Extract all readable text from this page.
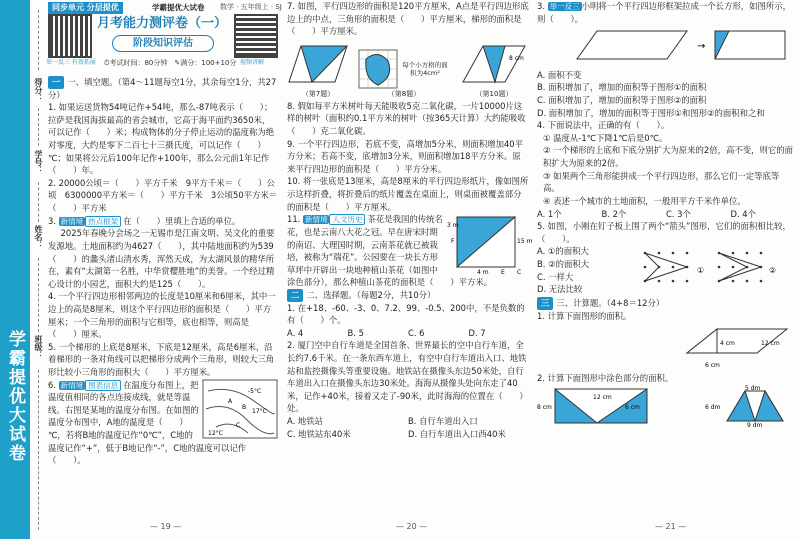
学霸提优大试卷
得分：
学号：
姓名：
班级：
同步单元 分层提优	学霸提优大试卷 数学 · 五年级上 · SJ
举一反三 有效拓展	视频讲解
月考能力测评卷（一）
阶段知识评估
⏱考试时间：80分钟　 ✎满分：100+10分

一 一、填空题。（第4～11题每空1分，其余每空1分，共27分）

1. 如果运送货物54吨记作+54吨，那么-87吨表示（　　）；拉萨是我国海拔最高的省会城市，它高于海平面约3650米，可以记作（　　）米；构成物体的分子停止运动的温度称为绝对零度，大约是零下二百七十三摄氏度，可以记作（　　）℃；如果将公元后100年记作+100年，那么公元前1年记作（　　）年。

2. 20000公顷＝（　　）平方千米　9平方千米＝（　　）公顷　6300000平方米＝（　　）平方千米　3公顷50平方米＝（　　）平方米

3. 新情境 热点框架 在（　　）里填上合适的单位。

2025年春晚分会场之一无锡市是江南文明、吴文化的重要发源地。土地面积约为4627（　　），其中陆地面积约为539（　　）的蠡头渚山清水秀，浑然天成，为太湖风景的精华所在，素有“太湖第一名胜，中华赏樱胜地”的美誉。一个经过精心设计的小园艺，面积大约是125（　　）。

4. 一个平行四边形相邻两边的长度是10厘米和6厘米，其中一边上的高是8厘米，则这个平行四边形的面积是（　　）平方厘米；一个三角形的面积与它相等，底也相等，则高是（　　）厘米。

5. 一个梯形的上底是8厘米，下底是12厘米，高是6厘米，沿着梯形的一条对角线可以把梯形分成两个三角形，则较大三角形比较小三角形的面积大（　　）平方厘米。

-5°C
17°C
12°C
A
B
C

6. 新情境 图表信息 在温度分布图上，把温度值相同的各点连接成线，就是等温线。右图是某地的温度分布图。在如图的温度分布图中，A地的温度是（　　）℃，若将B地的温度记作“0℃”，C地的温度记作“+”，低于B地记作“-”，C地的温度可以记作（　　）。

— 19 —

7. 如图，平行四边形的面积是120平方厘米，A点是平行四边形底边上的中点，三角形的面积是（　　）平方厘米，梯形的面积是（　　）平方厘米。

（第7题）
每个小方格的面积为4cm²
（第8题）
8 cm
（第10题）

8. 假如每平方米树叶每天能吸收5克二氧化碳，一片10000片这样的树叶（面积约0.1平方米的树叶（按365天计算）大约能吸收（　　）克二氧化碳。

9. 一个平行四边形，若底不变，高增加5分米，则面积增加40平方分米；若高不变，底增加3分米，则面积增加18平方分米。原来平行四边形的面积是（　　）平方分米。

10. 将一张底是13厘米，高是8厘米的平行四边形纸片，像如图所示这样折叠，将折叠后的纸片覆盖在桌面上，则桌面被覆盖部分的面积是（　　）平方厘米。

3 m
F	15 m
4 m E C

11. 新情境 人文历史 茶花是我国的传统名花，也是云南八大花之冠。早在唐宋时期的南诏、大理国时期，云南茶花就已被栽培，被称为“瑞花”。公园要在一块长方形草坪中开辟出一块地种植山茶花（如图中涂色部分），那么种植山茶花的面积是（　　）平方米。

二 二、选择题。（每题2分，共10分）

1. 在+18、-60、-3、0、7.2、99、-0.5、200中，不是负数的有（　　）个。

A. 4	B. 5	C. 6	D. 7

2. 厦门空中自行车道是全国首条、世界最长的空中自行车道，全长约7.6千米。在一条东西车道上，有空中自行车道出入口、地铁站和监控摄像头等重要设施。地铁站在摄像头东边50米处，自行车道出入口在摄像头东边30米处。海海从摄像头处向东走了40米，记作+40米，接着又走了-90米，此时海海的位置在（　　）处。

A. 地铁站	B. 自行车道出入口
C. 地铁站东40米	D. 自行车道出入口西40米
— 20 —

3. 举一反三 小明将一个平行四边形框架拉成一个长方形，如图所示，则（　　）。

→

A. 面积不变

B. 面积增加了，增加的面积等于图形①的面积

C. 面积增加了，增加的面积等于图形②的面积

D. 面积增加了，增加的面积等于图形①和图形②的面积和之和

4. 下面说法中，正确的有（　　）。

① 温度从-1℃下降1℃后是0℃。

② 一个梯形的上底和下底分别扩大为原来的2倍，高不变，则它的面积扩大为原来的2倍。

③ 如果两个三角形能拼成一个平行四边形，那么它们一定等底等高。

④ 表述一个城市的土地面积，一般用平方千米作单位。

A. 1个	B. 2个	C. 3个	D. 4个

5. 如图，小刚在钉子板上围了两个“箭头”图形，它们的面积相比较，（　　）。

A. ①的面积大

B. ②的面积大

C. 一样大

D. 无法比较

①	②

三 三、计算题。（4+8＝12分）

1. 计算下面图形的面积。

6 cm
4 cm	12 cm

2. 计算下面图形中涂色部分的面积。

8 cm	6 cm
12 cm
5 dm
6 dm
9 dm
— 21 —
